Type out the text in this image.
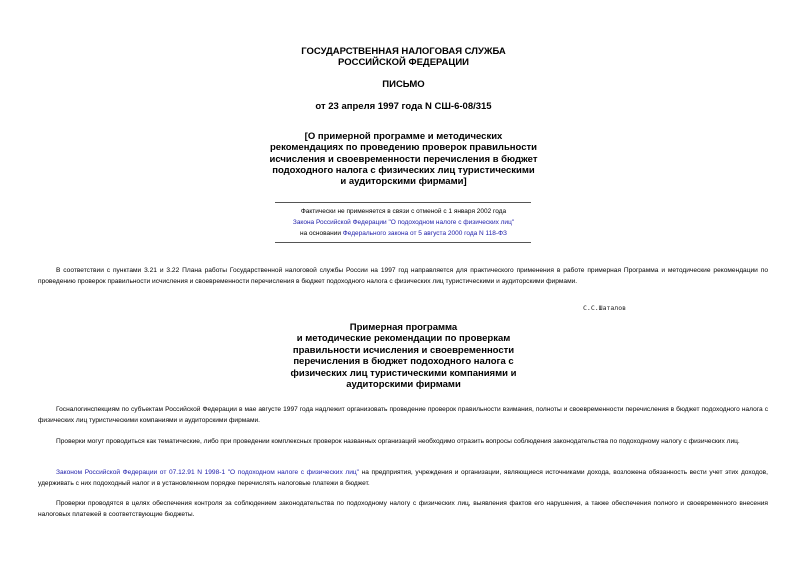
ГОСУДАРСТВЕННАЯ НАЛОГОВАЯ СЛУЖБА
РОССИЙСКОЙ ФЕДЕРАЦИИ
ПИСЬМО
от 23 апреля 1997 года N СШ-6-08/315
[О примерной программе и методических
рекомендациях по проведению проверок правильности
исчисления и своевременности перечисления в бюджет
подоходного налога с физических лиц туристическими
и аудиторскими фирмами]
Фактически не применяется в связи с отменой с 1 января 2002 года
Закона Российской Федерации "О подоходном налоге с физических лиц"
на основании Федерального закона от 5 августа 2000 года N 118-ФЗ
В соответствии с пунктами 3.21 и 3.22 Плана работы Государственной налоговой службы России на 1997 год направляется для практического применения в работе примерная Программа и методические рекомендации по проведению проверок правильности исчисления и своевременности перечисления в бюджет подоходного налога с физических лиц туристическими и аудиторскими фирмами.
С.С.Шаталов
Примерная программа
и методические рекомендации по проверкам
правильности исчисления и своевременности
перечисления в бюджет подоходного налога с
физических лиц туристическими компаниями и
аудиторскими фирмами
Госналогинспекциям по субъектам Российской Федерации в мае августе 1997 года надлежит организовать проведение проверок правильности взимания, полноты и своевременности перечисления в бюджет подоходного налога с физических лиц туристическими компаниями и аудиторскими фирмами.
Проверки могут проводиться как тематические, либо при проведении комплексных проверок названных организаций необходимо отразить вопросы соблюдения законодательства по подоходному налогу с физических лиц.
Законом Российской Федерации от 07.12.91 N 1998-1 "О подоходном налоге с физических лиц" на предприятия, учреждения и организации, являющиеся источниками дохода, возложена обязанность вести учет этих доходов, удерживать с них подоходный налог и в установленном порядке перечислять налоговые платежи в бюджет.
Проверки проводятся в целях обеспечения контроля за соблюдением законодательства по подоходному налогу с физических лиц, выявления фактов его нарушения, а также обеспечения полного и своевременного внесения налоговых платежей в соответствующие бюджеты.
